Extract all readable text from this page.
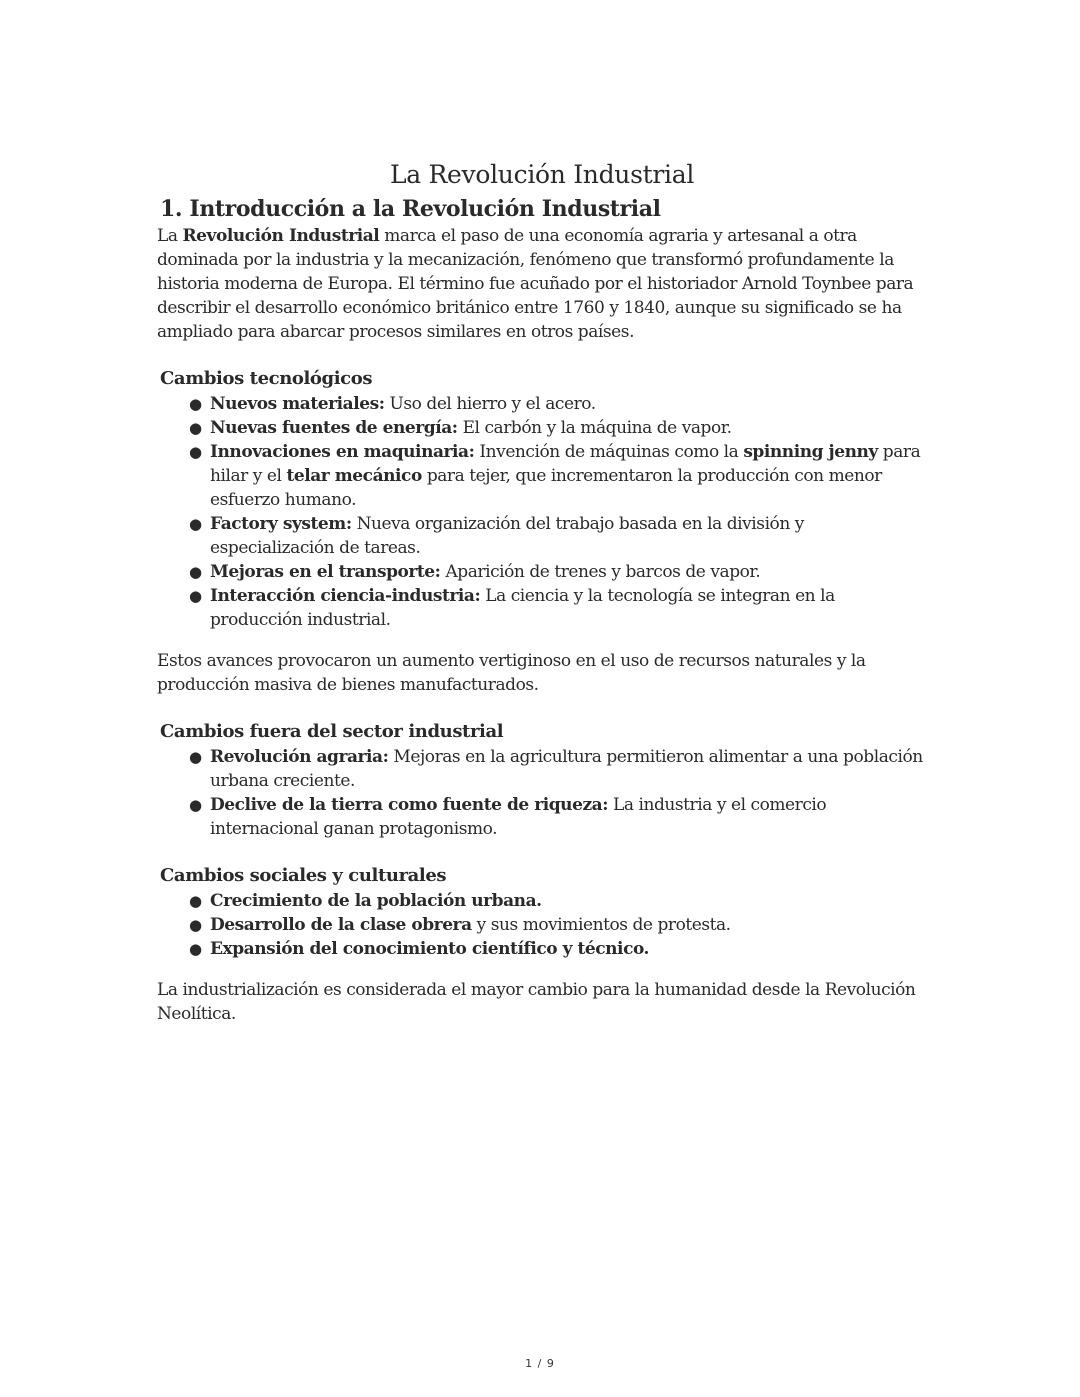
La Revolución Industrial
1. Introducción a la Revolución Industrial

La Revolución Industrial marca el paso de una economía agraria y artesanal a otra dominada por la industria y la mecanización, fenómeno que transformó profundamente la historia moderna de Europa. El término fue acuñado por el historiador Arnold Toynbee para describir el desarrollo económico británico entre 1760 y 1840, aunque su significado se ha ampliado para abarcar procesos similares en otros países.

Cambios tecnológicos
● Nuevos materiales: Uso del hierro y el acero.
● Nuevas fuentes de energía: El carbón y la máquina de vapor.
● Innovaciones en maquinaria: Invención de máquinas como la spinning jenny para hilar y el telar mecánico para tejer, que incrementaron la producción con menor esfuerzo humano.
● Factory system: Nueva organización del trabajo basada en la división y especialización de tareas.
● Mejoras en el transporte: Aparición de trenes y barcos de vapor.
● Interacción ciencia-industria: La ciencia y la tecnología se integran en la producción industrial.

Estos avances provocaron un aumento vertiginoso en el uso de recursos naturales y la producción masiva de bienes manufacturados.

Cambios fuera del sector industrial
● Revolución agraria: Mejoras en la agricultura permitieron alimentar a una población urbana creciente.
● Declive de la tierra como fuente de riqueza: La industria y el comercio internacional ganan protagonismo.
Cambios sociales y culturales
● Crecimiento de la población urbana.
● Desarrollo de la clase obrera y sus movimientos de protesta.
● Expansión del conocimiento científico y técnico.

La industrialización es considerada el mayor cambio para la humanidad desde la Revolución Neolítica.

1 / 9
